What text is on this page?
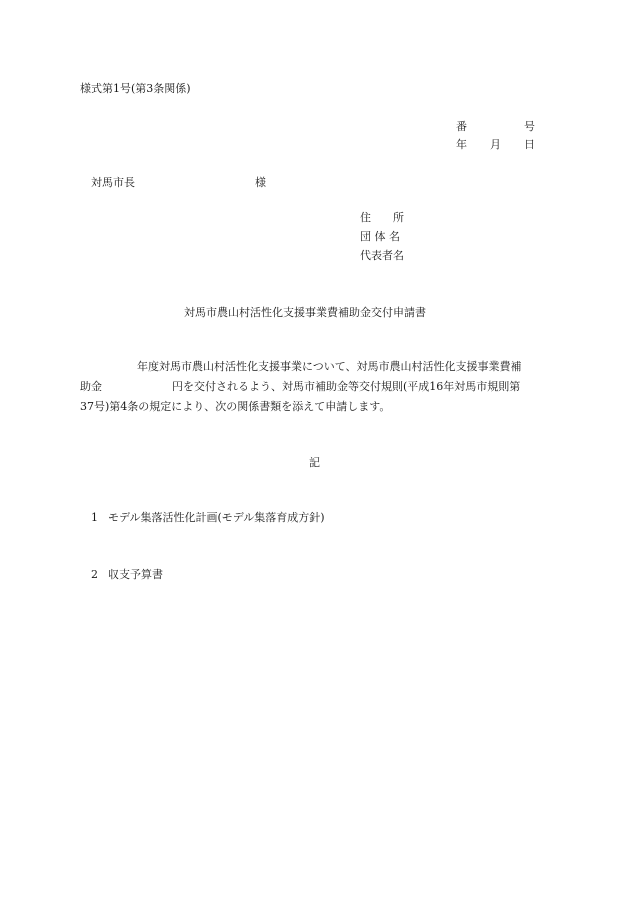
様式第1号(第3条関係)
番	号
年 月 日
対馬市長	様
住　　所
団 体 名
代表者名
対馬市農山村活性化支援事業費補助金交付申請書
年度対馬市農山村活性化支援事業について、対馬市農山村活性化支援事業費補
助金	円を交付されるよう、対馬市補助金等交付規則(平成16年対馬市規則第
37号)第4条の規定により、次の関係書類を添えて申請します。
記
1 モデル集落活性化計画(モデル集落育成方針)
2 収支予算書
